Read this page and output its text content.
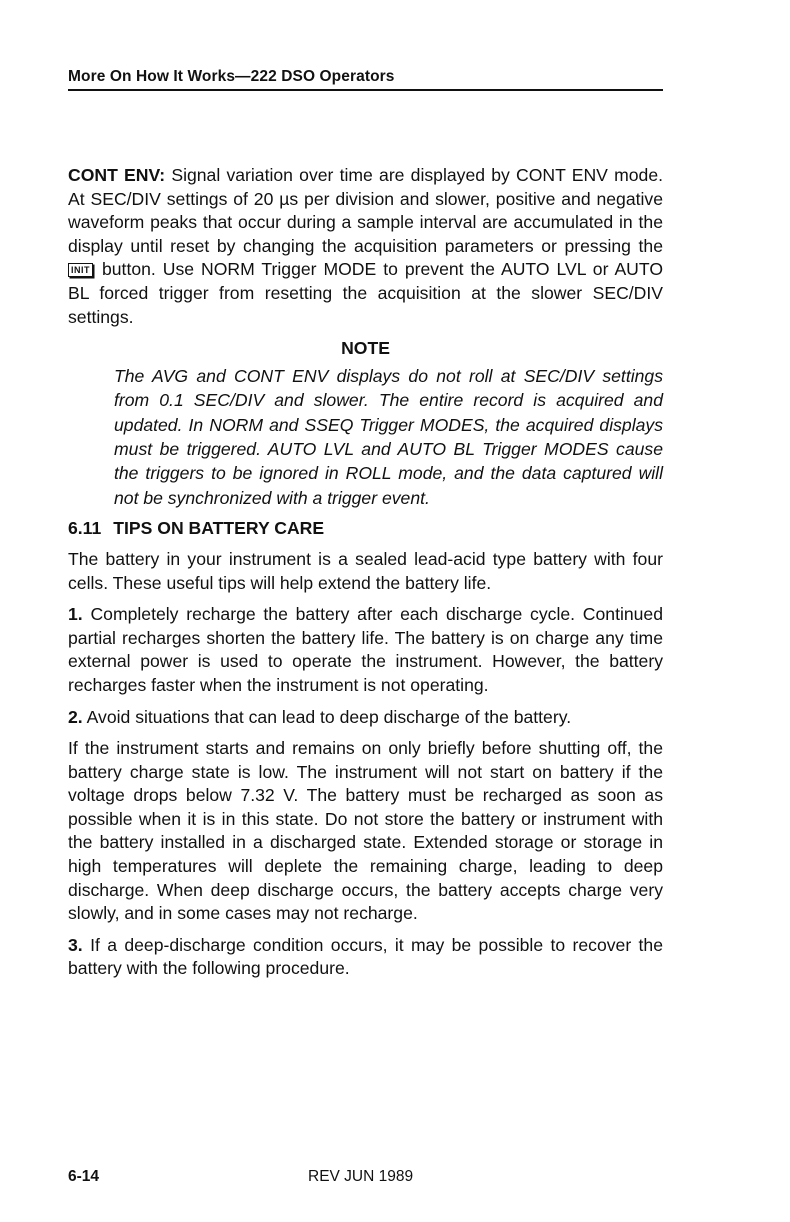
More On How It Works—222 DSO Operators

CONT ENV: Signal variation over time are displayed by CONT ENV mode. At SEC/DIV settings of 20 µs per division and slower, positive and negative waveform peaks that occur during a sample interval are accumulated in the display until reset by changing the acquisition parameters or pressing the INIT button. Use NORM Trigger MODE to prevent the AUTO LVL or AUTO BL forced trigger from resetting the acquisition at the slower SEC/DIV settings.

NOTE
The AVG and CONT ENV displays do not roll at SEC/DIV settings from 0.1 SEC/DIV and slower. The entire record is acquired and updated. In NORM and SSEQ Trigger MODES, the acquired displays must be triggered. AUTO LVL and AUTO BL Trigger MODES cause the triggers to be ignored in ROLL mode, and the data captured will not be synchronized with a trigger event.
6.11 TIPS ON BATTERY CARE

The battery in your instrument is a sealed lead-acid type battery with four cells. These useful tips will help extend the battery life.

1. Completely recharge the battery after each discharge cycle. Continued partial recharges shorten the battery life. The battery is on charge any time external power is used to operate the instrument. However, the battery recharges faster when the instrument is not operating.

2. Avoid situations that can lead to deep discharge of the battery.

If the instrument starts and remains on only briefly before shutting off, the battery charge state is low. The instrument will not start on battery if the voltage drops below 7.32 V. The battery must be recharged as soon as possible when it is in this state. Do not store the battery or instrument with the battery installed in a discharged state. Extended storage or storage in high temperatures will deplete the remaining charge, leading to deep discharge. When deep discharge occurs, the battery accepts charge very slowly, and in some cases may not recharge.

3. If a deep-discharge condition occurs, it may be possible to recover the battery with the following procedure.

6-14	REV JUN 1989
